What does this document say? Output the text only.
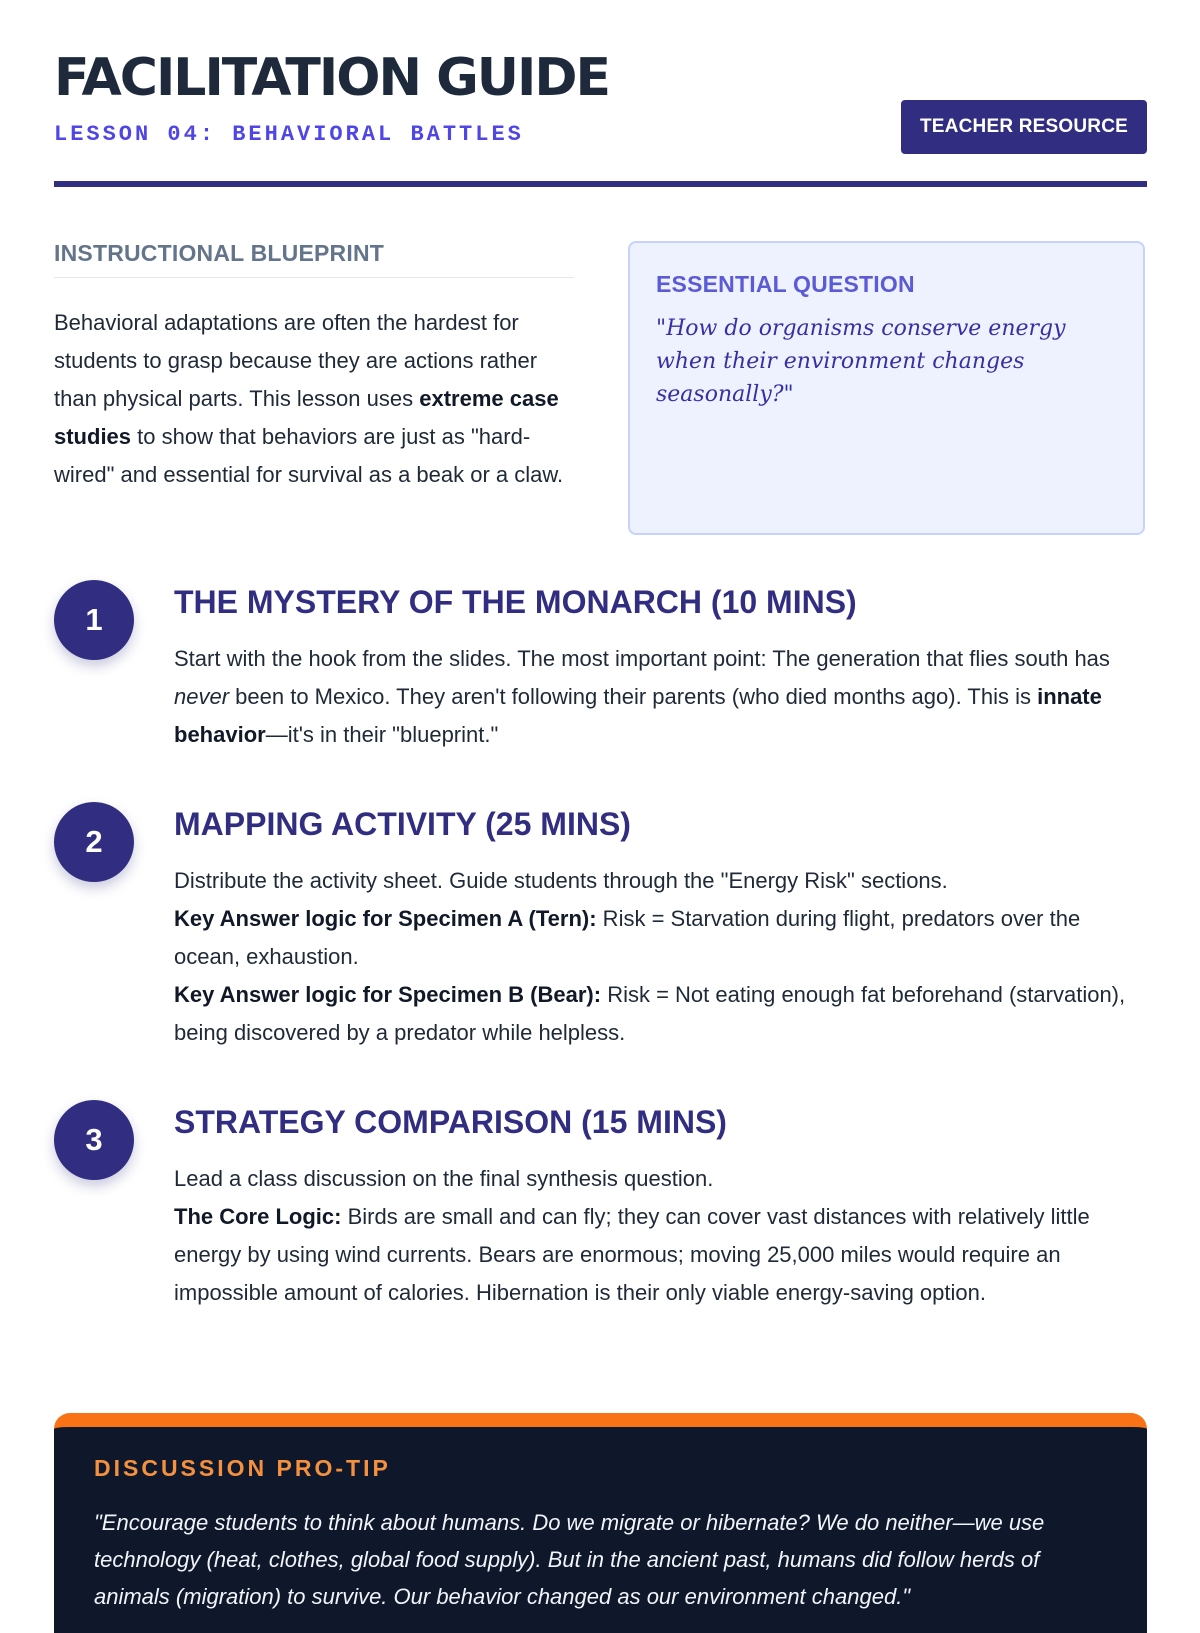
FACILITATION GUIDE
LESSON 04: BEHAVIORAL BATTLES	TEACHER RESOURCE
INSTRUCTIONAL BLUEPRINT
Behavioral adaptations are often the hardest for students to grasp because they are actions rather than physical parts. This lesson uses extreme case studies to show that behaviors are just as "hard-wired" and essential for survival as a beak or a claw.
ESSENTIAL QUESTION
"How do organisms conserve energy when their environment changes seasonally?"
1	THE MYSTERY OF THE MONARCH (10 MINS)
Start with the hook from the slides. The most important point: The generation that flies south has never been to Mexico. They aren't following their parents (who died months ago). This is innate behavior—it's in their "blueprint."
2	MAPPING ACTIVITY (25 MINS)

Distribute the activity sheet. Guide students through the "Energy Risk" sections.

Key Answer logic for Specimen A (Tern): Risk = Starvation during flight, predators over the ocean, exhaustion.

Key Answer logic for Specimen B (Bear): Risk = Not eating enough fat beforehand (starvation), being discovered by a predator while helpless.

3	STRATEGY COMPARISON (15 MINS)

Lead a class discussion on the final synthesis question.

The Core Logic: Birds are small and can fly; they can cover vast distances with relatively little energy by using wind currents. Bears are enormous; moving 25,000 miles would require an impossible amount of calories. Hibernation is their only viable energy-saving option.

DISCUSSION PRO-TIP
"Encourage students to think about humans. Do we migrate or hibernate? We do neither—we use technology (heat, clothes, global food supply). But in the ancient past, humans did follow herds of animals (migration) to survive. Our behavior changed as our environment changed."
